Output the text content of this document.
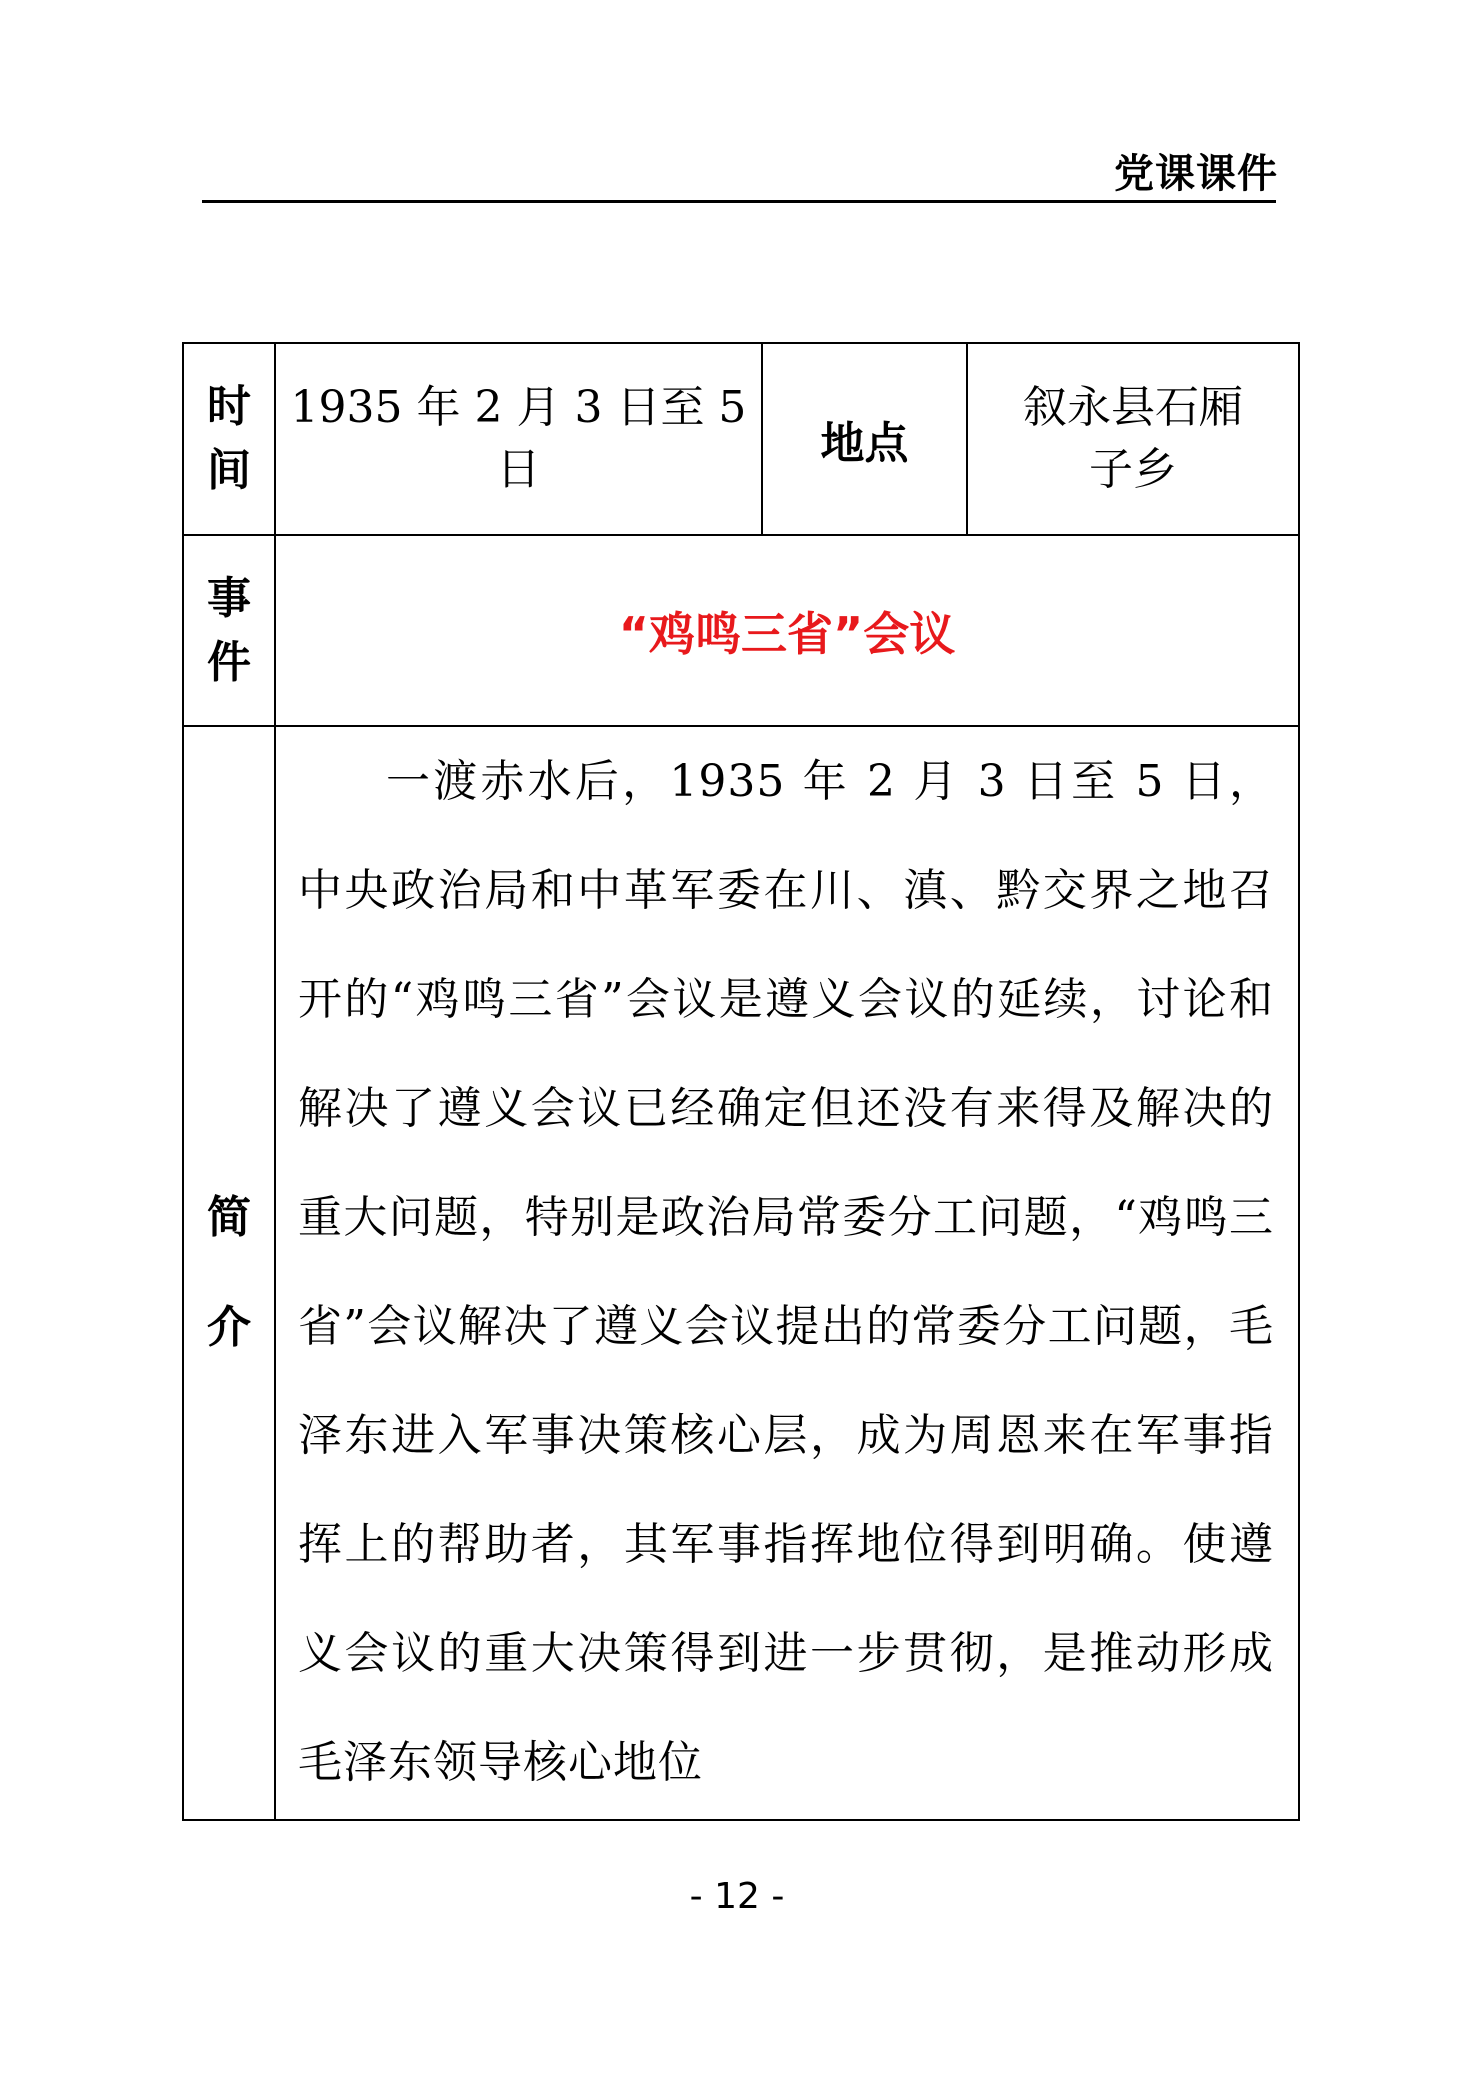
党课课件
时
间	1935 年 2 月 3 日至 5 日	地点	叙永县石厢子乡

事
件	“鸡鸣三省”会议		

简
介	一渡赤水后，1935 年 2 月 3 日至 5 日，中央政治局和中革军委在川、滇、黔交界之地召开的“鸡鸣三省”会议是遵义会议的延续，讨论和解决了遵义会议已经确定但还没有来得及解决的重大问题，特别是政治局常委分工问题，“鸡鸣三省”会议解决了遵义会议提出的常委分工问题，毛泽东进入军事决策核心层，成为周恩来在军事指挥上的帮助者，其军事指挥地位得到明确。使遵义会议的重大决策得到进一步贯彻，是推动形成毛泽东领导核心地位		

- 12 -
